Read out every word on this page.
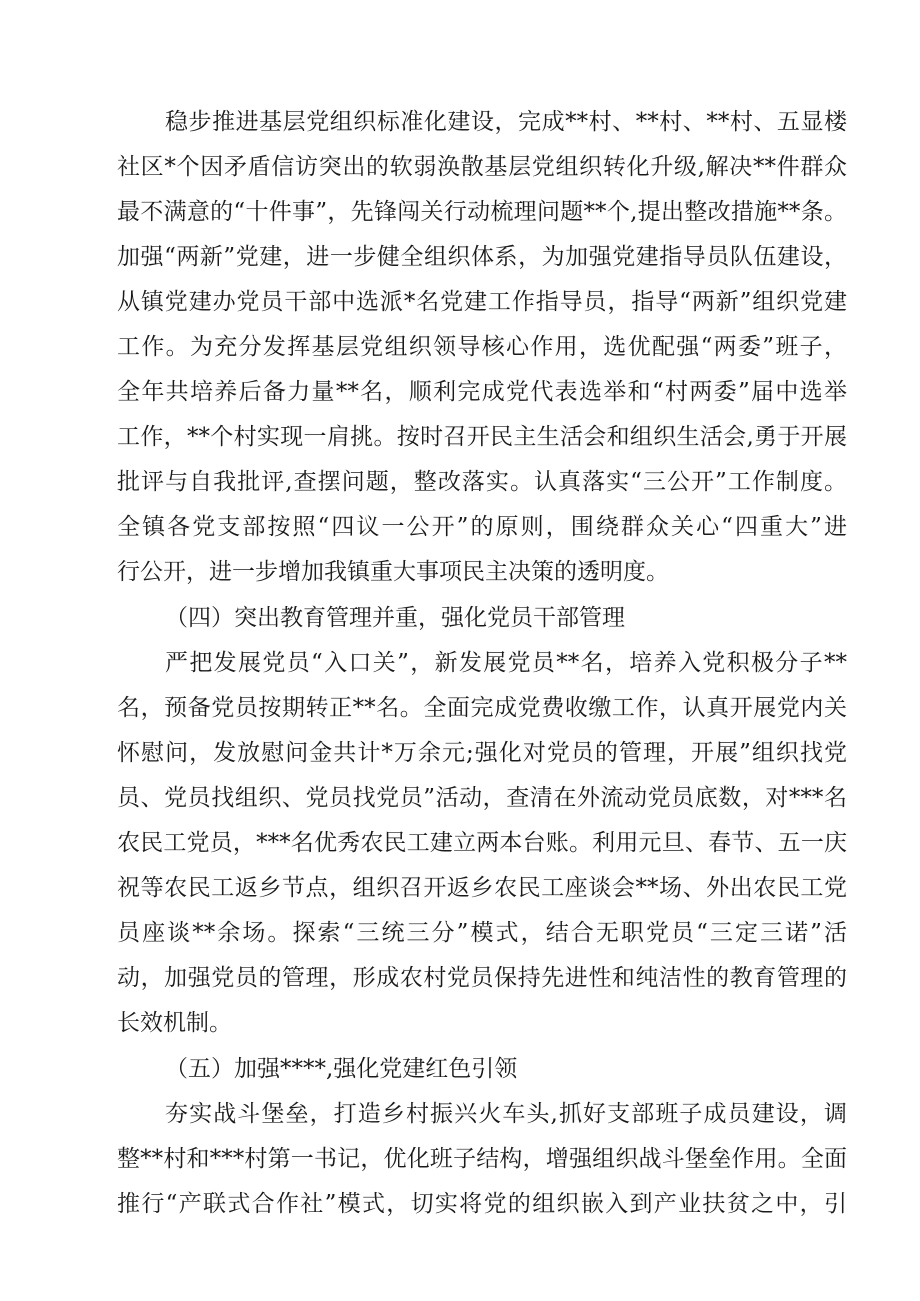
稳步推进基层党组织标准化建设，完成**村、**村、**村、五显楼
社区*个因矛盾信访突出的软弱涣散基层党组织转化升级,解决**件群众
最不满意的“十件事”，先锋闯关行动梳理问题**个,提出整改措施**条。
加强“两新”党建，进一步健全组织体系，为加强党建指导员队伍建设，
从镇党建办党员干部中选派*名党建工作指导员，指导“两新”组织党建
工作。为充分发挥基层党组织领导核心作用，选优配强“两委”班子，
全年共培养后备力量**名，顺利完成党代表选举和“村两委”届中选举
工作，**个村实现一肩挑。按时召开民主生活会和组织生活会,勇于开展
批评与自我批评,查摆问题，整改落实。认真落实“三公开”工作制度。
全镇各党支部按照“四议一公开”的原则，围绕群众关心“四重大”进
行公开，进一步增加我镇重大事项民主决策的透明度。
（四）突出教育管理并重，强化党员干部管理
严把发展党员“入口关”，新发展党员**名，培养入党积极分子**
名，预备党员按期转正**名。全面完成党费收缴工作，认真开展党内关
怀慰问，发放慰问金共计*万余元;强化对党员的管理，开展”组织找党
员、党员找组织、党员找党员”活动，查清在外流动党员底数，对***名
农民工党员，***名优秀农民工建立两本台账。利用元旦、春节、五一庆
祝等农民工返乡节点，组织召开返乡农民工座谈会**场、外出农民工党
员座谈**余场。探索“三统三分”模式，结合无职党员“三定三诺”活
动，加强党员的管理，形成农村党员保持先进性和纯洁性的教育管理的
长效机制。
（五）加强****,强化党建红色引领
夯实战斗堡垒，打造乡村振兴火车头,抓好支部班子成员建设，调
整**村和***村第一书记，优化班子结构，增强组织战斗堡垒作用。全面
推行“产联式合作社”模式，切实将党的组织嵌入到产业扶贫之中，引
